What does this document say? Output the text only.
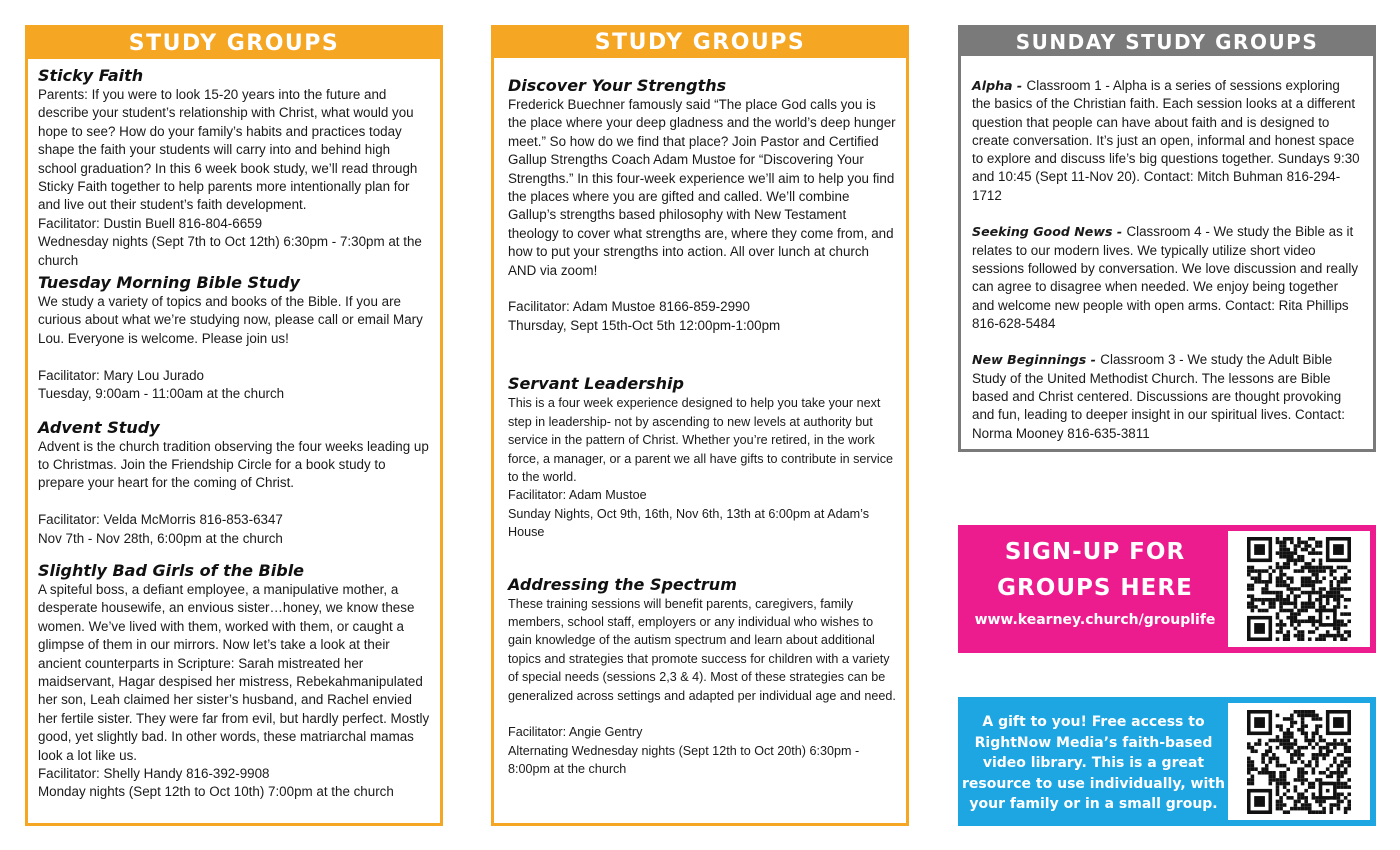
STUDY GROUPS
Sticky Faith

Parents: If you were to look 15-20 years into the future and describe your student’s relationship with Christ, what would you hope to see? How do your family’s habits and practices today shape the faith your students will carry into and behind high school graduation? In this 6 week book study, we’ll read through Sticky Faith together to help parents more intentionally plan for and live out their student’s faith development.
Facilitator: Dustin Buell 816-804-6659
Wednesday nights (Sept 7th to Oct 12th) 6:30pm - 7:30pm at the church

Tuesday Morning Bible Study

We study a variety of topics and books of the Bible. If you are curious about what we’re studying now, please call or email Mary Lou. Everyone is welcome. Please join us!

Facilitator: Mary Lou Jurado
Tuesday, 9:00am - 11:00am at the church

Advent Study

Advent is the church tradition observing the four weeks leading up to Christmas. Join the Friendship Circle for a book study to prepare your heart for the coming of Christ.

Facilitator: Velda McMorris 816-853-6347
Nov 7th - Nov 28th, 6:00pm at the church

Slightly Bad Girls of the Bible

A spiteful boss, a defiant employee, a manipulative mother, a desperate housewife, an envious sister…honey, we know these women. We’ve lived with them, worked with them, or caught a glimpse of them in our mirrors. Now let’s take a look at their ancient counterparts in Scripture: Sarah mistreated her maidservant, Hagar despised her mistress, Rebekahmanipulated her son, Leah claimed her sister’s husband, and Rachel envied her fertile sister. They were far from evil, but hardly perfect. Mostly good, yet slightly bad. In other words, these matriarchal mamas look a lot like us.
Facilitator: Shelly Handy 816-392-9908
Monday nights (Sept 12th to Oct 10th) 7:00pm at the church

STUDY GROUPS
Discover Your Strengths

Frederick Buechner famously said “The place God calls you is the place where your deep gladness and the world’s deep hunger meet.” So how do we find that place? Join Pastor and Certified Gallup Strengths Coach Adam Mustoe for “Discovering Your Strengths.” In this four-week experience we’ll aim to help you find the places where you are gifted and called. We’ll combine Gallup’s strengths based philosophy with New Testament theology to cover what strengths are, where they come from, and how to put your strengths into action. All over lunch at church AND via zoom!

Facilitator: Adam Mustoe 8166-859-2990
Thursday, Sept 15th-Oct 5th 12:00pm-1:00pm

Servant Leadership

This is a four week experience designed to help you take your next step in leadership- not by ascending to new levels at authority but service in the pattern of Christ. Whether you’re retired, in the work force, a manager, or a parent we all have gifts to contribute in service to the world.
Facilitator: Adam Mustoe
Sunday Nights, Oct 9th, 16th, Nov 6th, 13th at 6:00pm at Adam’s House

Addressing the Spectrum

These training sessions will benefit parents, caregivers, family members, school staff, employers or any individual who wishes to gain knowledge of the autism spectrum and learn about additional topics and strategies that promote success for children with a variety of special needs (sessions 2,3 & 4). Most of these strategies can be generalized across settings and adapted per individual age and need.

Facilitator: Angie Gentry
Alternating Wednesday nights (Sept 12th to Oct 20th) 6:30pm - 8:00pm at the church

SUNDAY STUDY GROUPS

Alpha - Classroom 1 - Alpha is a series of sessions exploring the basics of the Christian faith. Each session looks at a different question that people can have about faith and is designed to create conversation. It’s just an open, informal and honest space to explore and discuss life’s big questions together. Sundays 9:30 and 10:45 (Sept 11-Nov 20). Contact: Mitch Buhman 816-294-1712

Seeking Good News - Classroom 4 - We study the Bible as it relates to our modern lives. We typically utilize short video sessions followed by conversation. We love discussion and really can agree to disagree when needed. We enjoy being together and welcome new people with open arms. Contact: Rita Phillips 816-628-5484

New Beginnings - Classroom 3 - We study the Adult Bible Study of the United Methodist Church. The lessons are Bible based and Christ centered. Discussions are thought provoking and fun, leading to deeper insight in our spiritual lives. Contact: Norma Mooney 816-635-3811

SIGN-UP FOR
GROUPS HERE
www.kearney.church/grouplife
A gift to you! Free access to RightNow Media’s faith-based video library. This is a great resource to use individually, with your family or in a small group.
